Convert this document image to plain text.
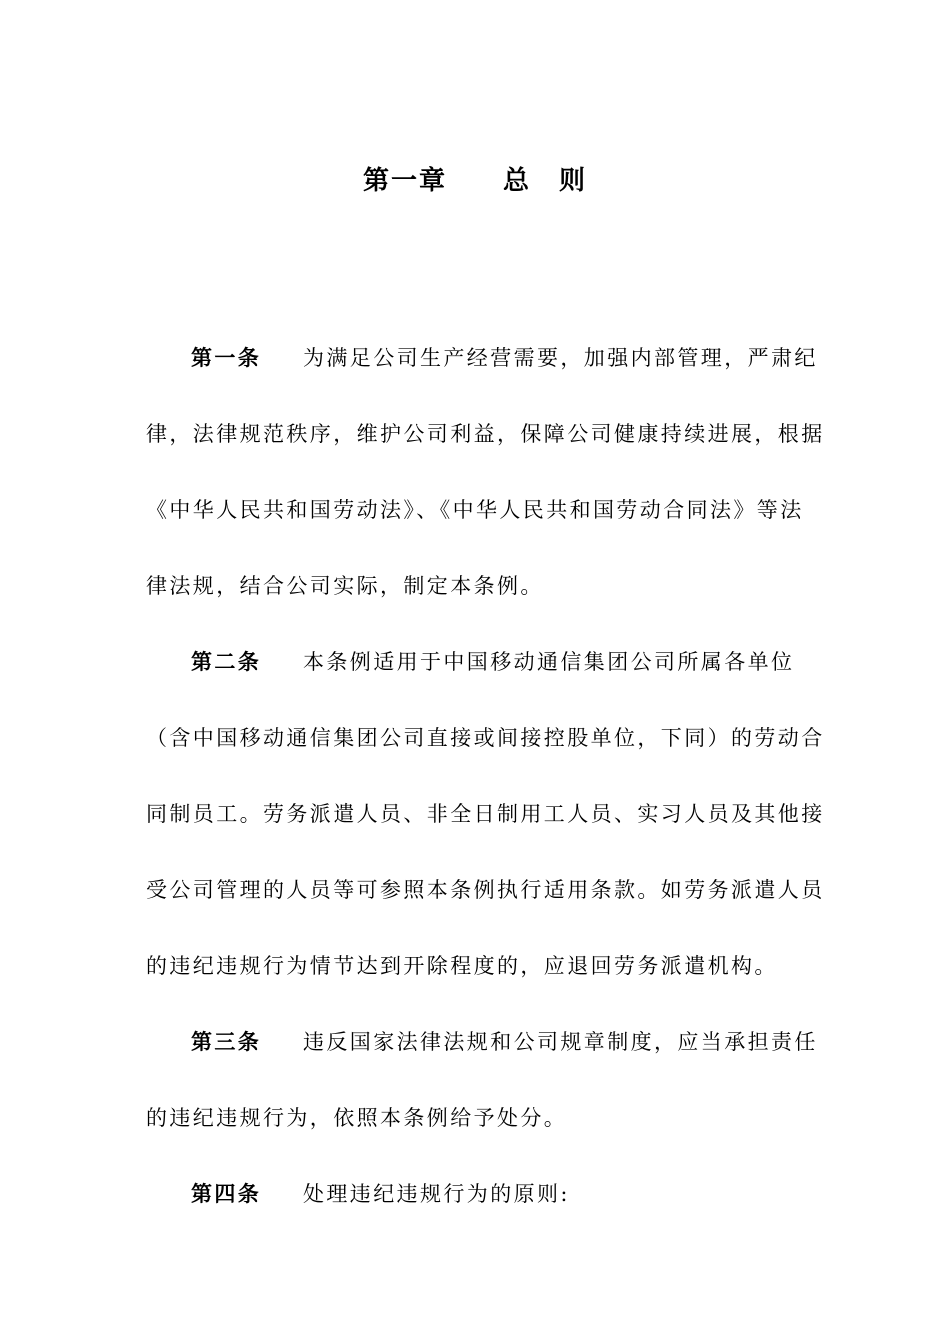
第一章　　总　则
第一条 为满足公司生产经营需要，加强内部管理，严肃纪
律，法律规范秩序，维护公司利益，保障公司健康持续进展，根据
《中华人民共和国劳动法》、《中华人民共和国劳动合同法》等法
律法规，结合公司实际，制定本条例。
第二条 本条例适用于中国移动通信集团公司所属各单位
（含中国移动通信集团公司直接或间接控股单位，下同）的劳动合
同制员工。劳务派遣人员、非全日制用工人员、实习人员及其他接
受公司管理的人员等可参照本条例执行适用条款。如劳务派遣人员
的违纪违规行为情节达到开除程度的，应退回劳务派遣机构。
第三条 违反国家法律法规和公司规章制度，应当承担责任
的违纪违规行为，依照本条例给予处分。
第四条 处理违纪违规行为的原则:
